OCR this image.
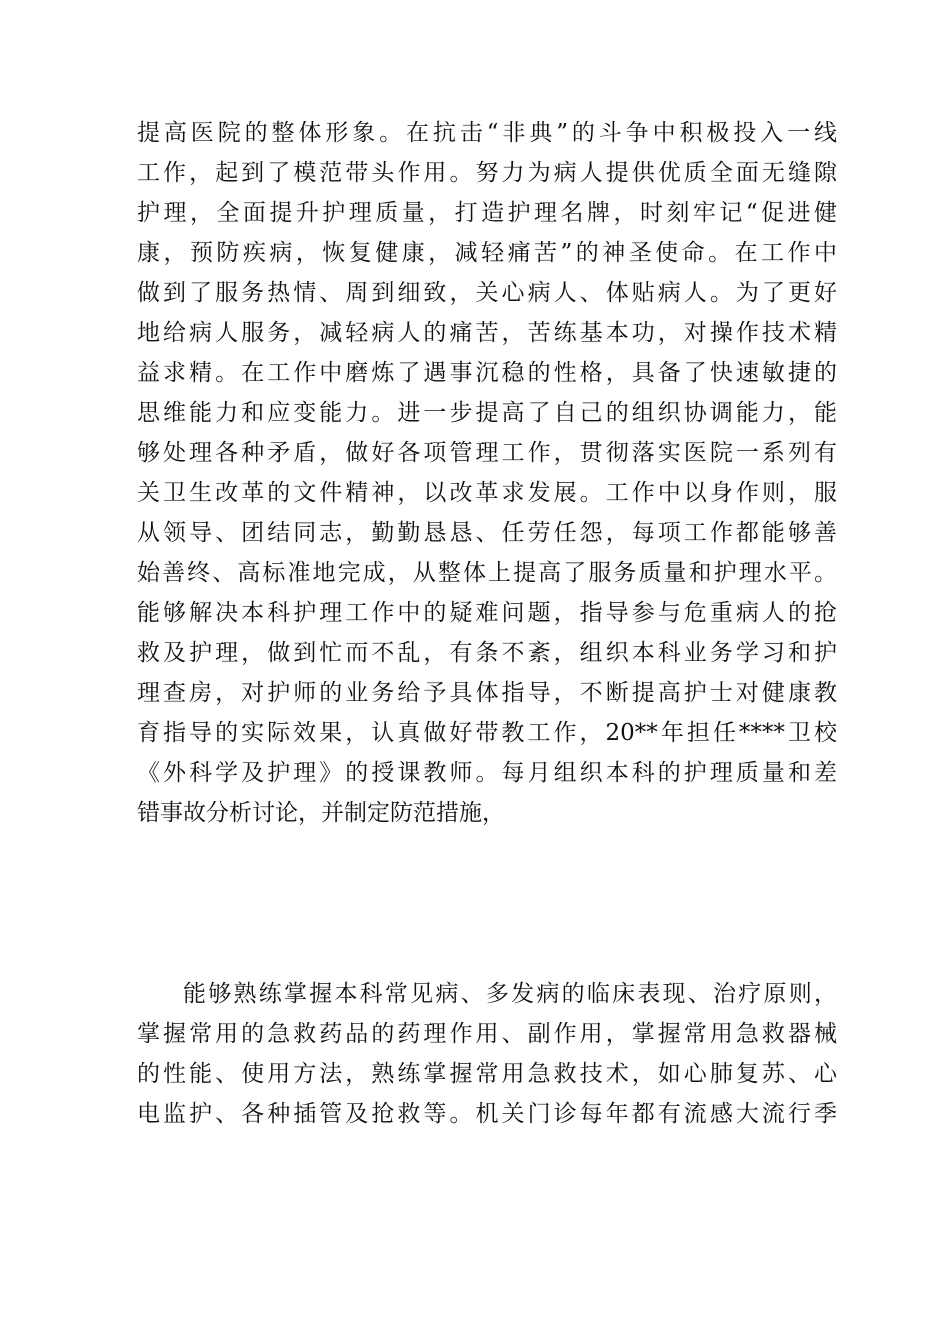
提高医院的整体形象。在抗击“非典”的斗争中积极投入一线
工作，起到了模范带头作用。努力为病人提供优质全面无缝隙
护理，全面提升护理质量，打造护理名牌，时刻牢记“促进健
康，预防疾病，恢复健康，减轻痛苦”的神圣使命。在工作中
做到了服务热情、周到细致，关心病人、体贴病人。为了更好
地给病人服务，减轻病人的痛苦，苦练基本功，对操作技术精
益求精。在工作中磨炼了遇事沉稳的性格，具备了快速敏捷的
思维能力和应变能力。进一步提高了自己的组织协调能力，能
够处理各种矛盾，做好各项管理工作，贯彻落实医院一系列有
关卫生改革的文件精神，以改革求发展。工作中以身作则，服
从领导、团结同志，勤勤恳恳、任劳任怨，每项工作都能够善
始善终、高标准地完成，从整体上提高了服务质量和护理水平。
能够解决本科护理工作中的疑难问题，指导参与危重病人的抢
救及护理，做到忙而不乱，有条不紊，组织本科业务学习和护
理查房，对护师的业务给予具体指导，不断提高护士对健康教
育指导的实际效果，认真做好带教工作，20**年担任****卫校
《外科学及护理》的授课教师。每月组织本科的护理质量和差
错事故分析讨论，并制定防范措施，
能够熟练掌握本科常见病、多发病的临床表现、治疗原则，
掌握常用的急救药品的药理作用、副作用，掌握常用急救器械
的性能、使用方法，熟练掌握常用急救技术，如心肺复苏、心
电监护、各种插管及抢救等。机关门诊每年都有流感大流行季
